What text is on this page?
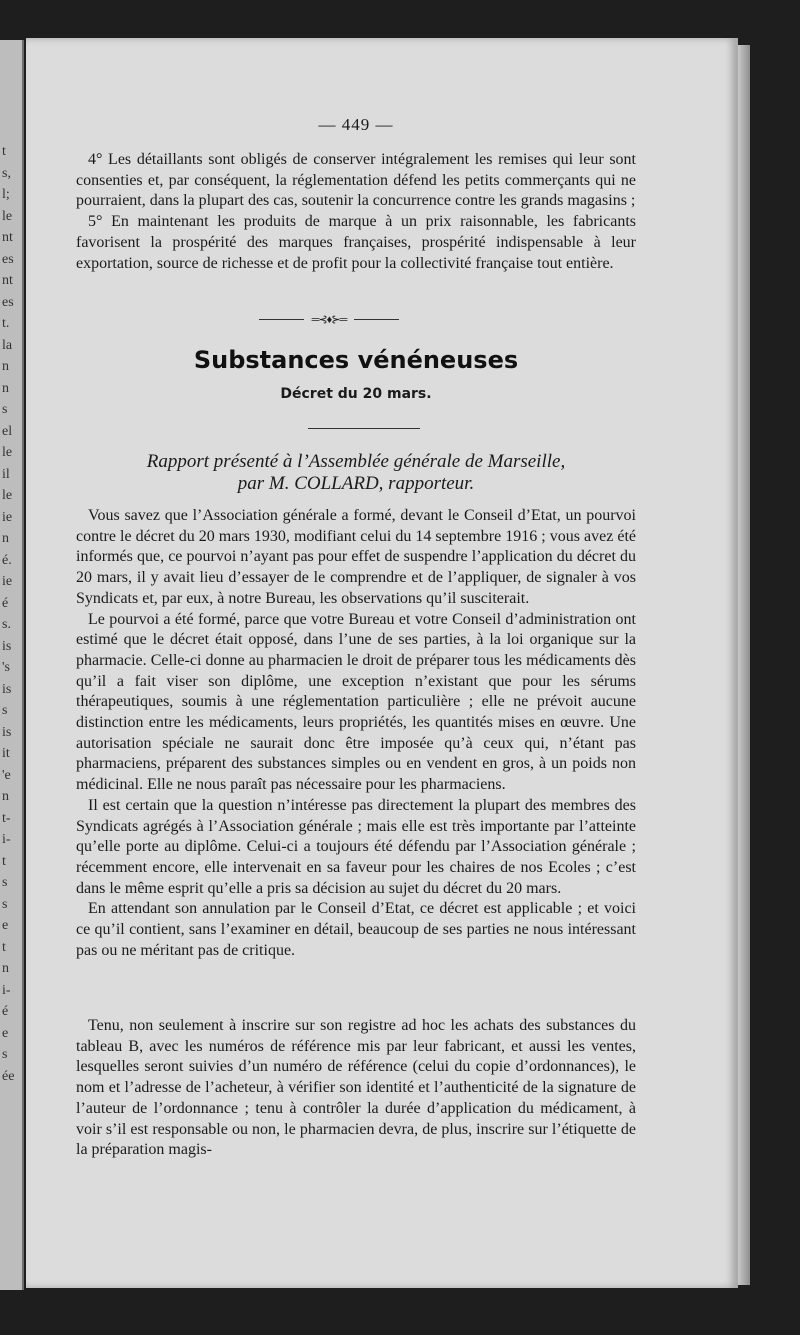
t
s,
l;
le
nt
es
nt
es
t.
la
n
n
s
el
le
il
le
ie
n
é.
ie
é
s.
is
's
is
s
is
it
'e
n
t-
i-
t
s
s
e
t
n
i-
é
e
s
ée
— 449 —

4° Les détaillants sont obligés de conserver intégralement les remises qui leur sont consenties et, par conséquent, la réglementation défend les petits commerçants qui ne pourraient, dans la plupart des cas, soutenir la concurrence contre les grands magasins ;

5° En maintenant les produits de marque à un prix raisonnable, les fabricants favorisent la prospérité des marques françaises, prospérité indispensable à leur exportation, source de richesse et de profit pour la collectivité française tout entière.

═⊰♦⊱═
Substances vénéneuses
Décret du 20 mars.
Rapport présenté à l’Assemblée générale de Marseille,
par M. COLLARD, rapporteur.

Vous savez que l’Association générale a formé, devant le Conseil d’Etat, un pourvoi contre le décret du 20 mars 1930, modifiant celui du 14 septembre 1916 ; vous avez été informés que, ce pourvoi n’ayant pas pour effet de suspendre l’application du décret du 20 mars, il y avait lieu d’essayer de le comprendre et de l’appliquer, de signaler à vos Syndicats et, par eux, à notre Bureau, les observations qu’il susciterait.

Le pourvoi a été formé, parce que votre Bureau et votre Conseil d’administration ont estimé que le décret était opposé, dans l’une de ses parties, à la loi organique sur la pharmacie. Celle-ci donne au pharmacien le droit de préparer tous les médicaments dès qu’il a fait viser son diplôme, une exception n’existant que pour les sérums thérapeutiques, soumis à une réglementation particulière ; elle ne prévoit aucune distinction entre les médicaments, leurs propriétés, les quantités mises en œuvre. Une autorisation spéciale ne saurait donc être imposée qu’à ceux qui, n’étant pas pharmaciens, préparent des substances simples ou en vendent en gros, à un poids non médicinal. Elle ne nous paraît pas nécessaire pour les pharmaciens.

Il est certain que la question n’intéresse pas directement la plupart des membres des Syndicats agrégés à l’Association générale ; mais elle est très importante par l’atteinte qu’elle porte au diplôme. Celui-ci a toujours été défendu par l’Association générale ; récemment encore, elle intervenait en sa faveur pour les chaires de nos Ecoles ; c’est dans le même esprit qu’elle a pris sa décision au sujet du décret du 20 mars.

En attendant son annulation par le Conseil d’Etat, ce décret est applicable ; et voici ce qu’il contient, sans l’examiner en détail, beaucoup de ses parties ne nous intéressant pas ou ne méritant pas de critique.

Tenu, non seulement à inscrire sur son registre ad hoc les achats des substances du tableau B, avec les numéros de référence mis par leur fabricant, et aussi les ventes, lesquelles seront suivies d’un numéro de référence (celui du copie d’ordonnances), le nom et l’adresse de l’acheteur, à vérifier son identité et l’authenticité de la signature de l’auteur de l’ordonnance ; tenu à contrôler la durée d’application du médicament, à voir s’il est responsable ou non, le pharmacien devra, de plus, inscrire sur l’étiquette de la préparation magis-
